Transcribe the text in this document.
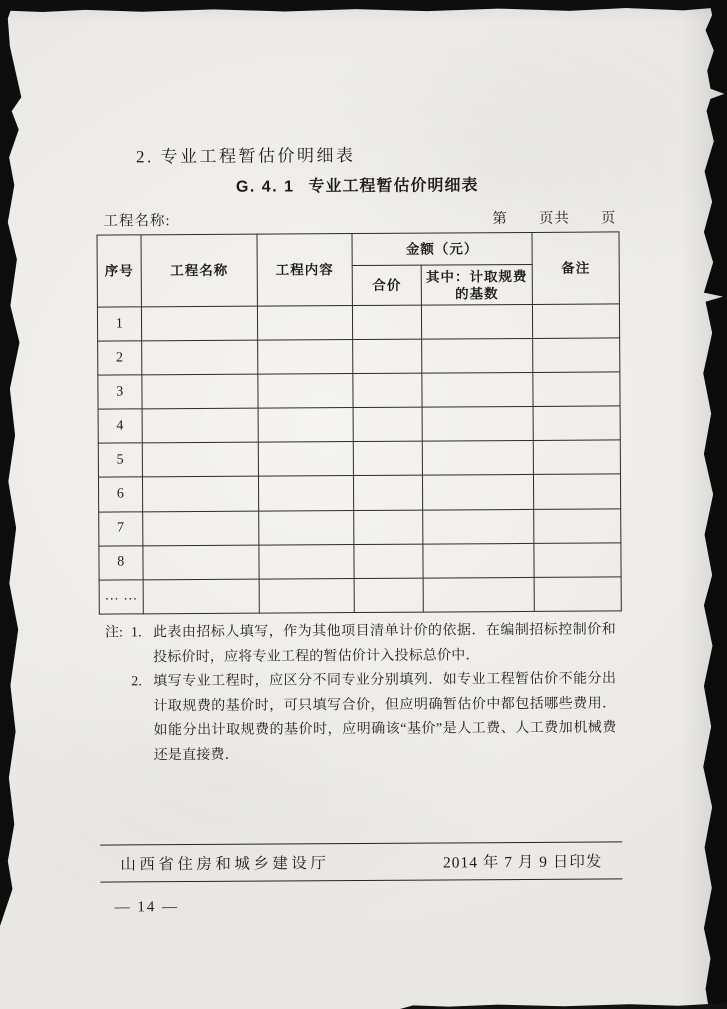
2. 专业工程暂估价明细表
G. 4. 1 专业工程暂估价明细表
工程名称:	第　　页共　　页
序号	工程名称	工程内容	金额（元）		备注
			合价	其中：计取规费的基数	
1					
2					
3					
4					
5					
6					
7					
8					
… …					
注: 1. 此表由招标人填写，作为其他项目清单计价的依据．在编制招标控制价和投标价时，应将专业工程的暂估价计入投标总价中．
2. 填写专业工程时，应区分不同专业分别填列．如专业工程暂估价不能分出计取规费的基价时，可只填写合价，但应明确暂估价中都包括哪些费用．如能分出计取规费的基价时，应明确该“基价”是人工费、人工费加机械费还是直接费．
山西省住房和城乡建设厅	2014 年 7 月 9 日印发
— 14 —
